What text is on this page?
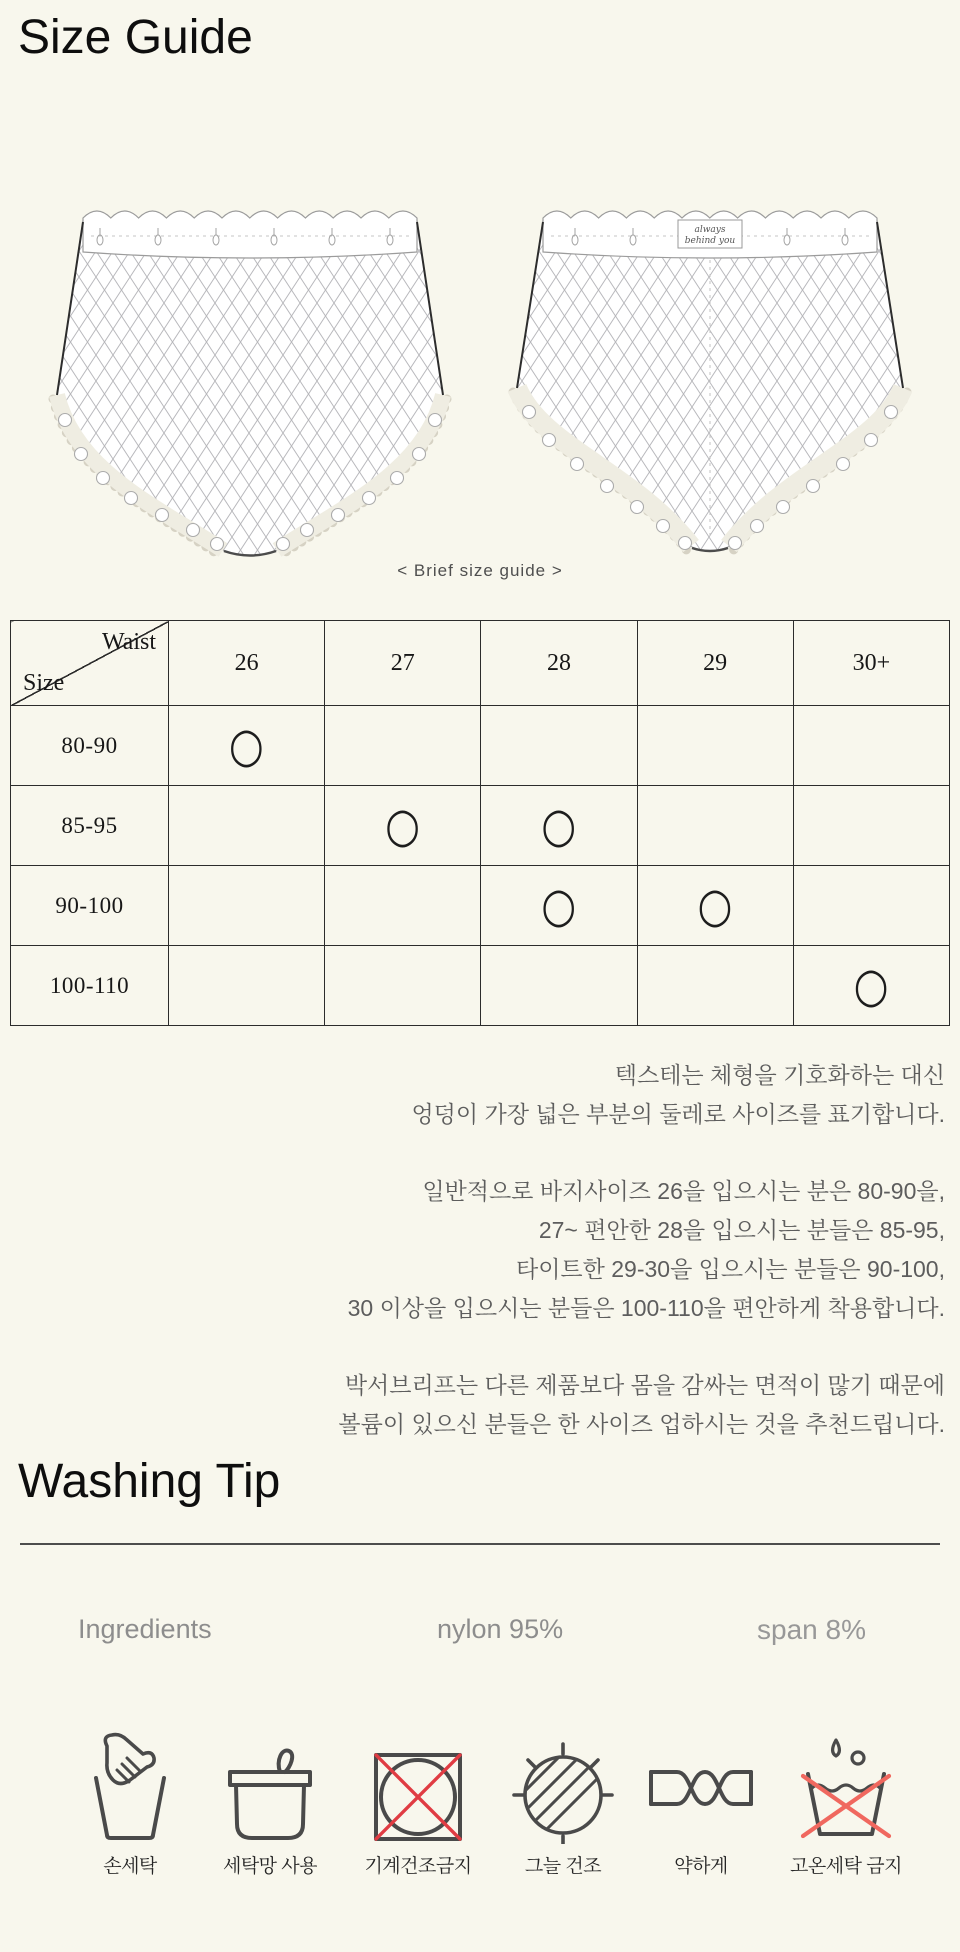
Size Guide
always
behind you
< Brief size guide >
Waist
Size	26	27	28	29	30+
80-90	○				
85-95		○	○		
90-100			○	○	
100-110					○

텍스테는 체형을 기호화하는 대신
엉덩이 가장 넓은 부분의 둘레로 사이즈를 표기합니다.

일반적으로 바지사이즈 26을 입으시는 분은 80-90을,
27~ 편안한 28을 입으시는 분들은 85-95,
타이트한 29-30을 입으시는 분들은 90-100,
30 이상을 입으시는 분들은 100-110을 편안하게 착용합니다.

박서브리프는 다른 제품보다 몸을 감싸는 면적이 많기 때문에
볼륨이 있으신 분들은 한 사이즈 업하시는 것을 추천드립니다.

Washing Tip
Ingredients	nylon 95%	span 8%
손세탁	세탁망 사용	기계건조금지	그늘 건조	약하게	고온세탁 금지
